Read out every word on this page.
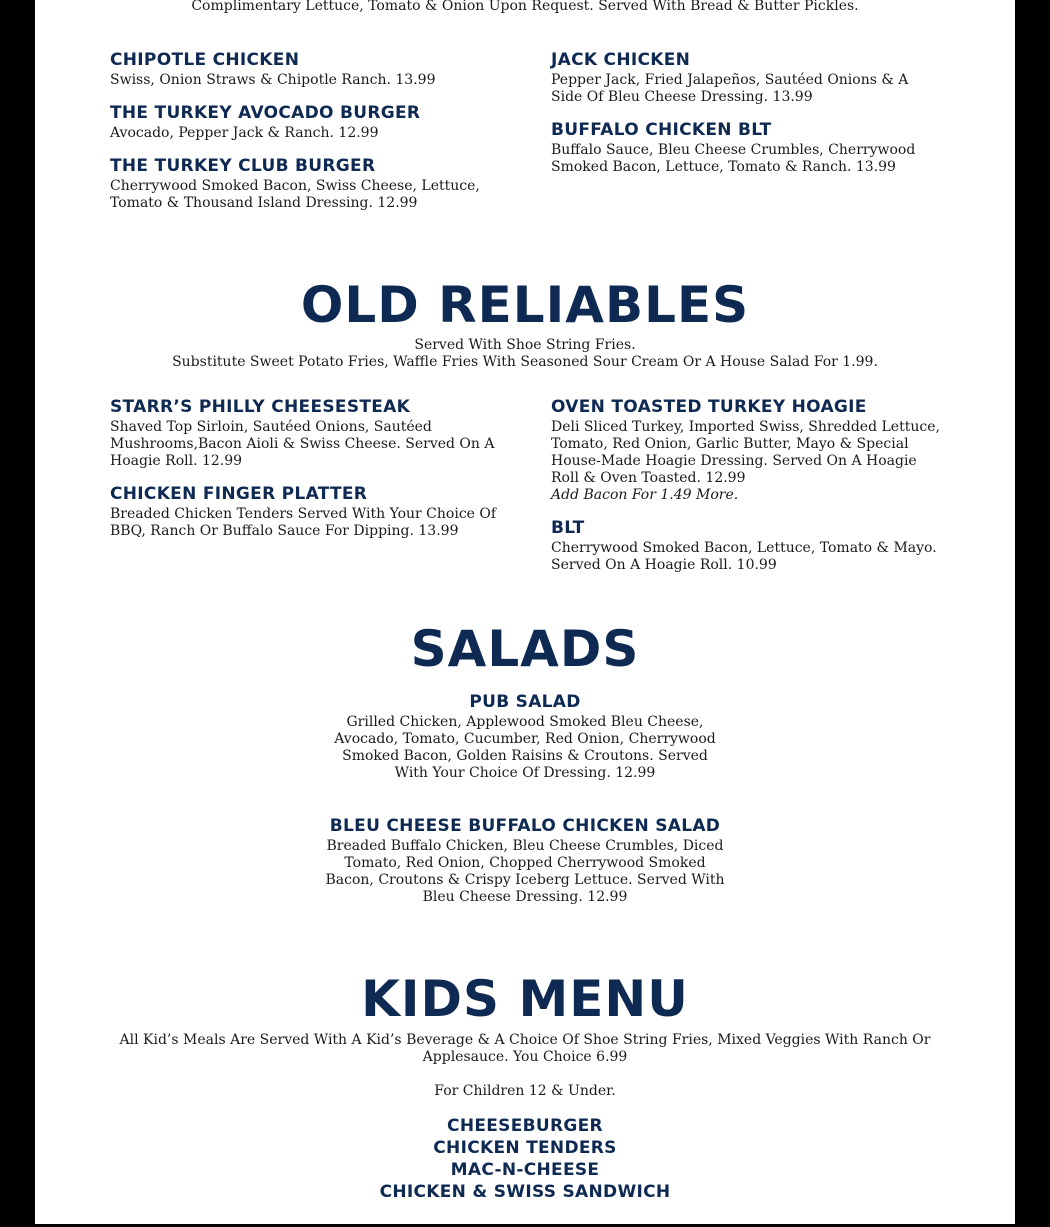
Complimentary Lettuce, Tomato & Onion Upon Request. Served With Bread & Butter Pickles.
CHIPOTLE CHICKEN
Swiss, Onion Straws & Chipotle Ranch. 13.99
THE TURKEY AVOCADO BURGER
Avocado, Pepper Jack & Ranch. 12.99
THE TURKEY CLUB BURGER
Cherrywood Smoked Bacon, Swiss Cheese, Lettuce, Tomato & Thousand Island Dressing. 12.99
JACK CHICKEN
Pepper Jack, Fried Jalapeños, Sautéed Onions & A Side Of Bleu Cheese Dressing. 13.99
BUFFALO CHICKEN BLT
Buffalo Sauce, Bleu Cheese Crumbles, Cherrywood Smoked Bacon, Lettuce, Tomato & Ranch. 13.99
OLD RELIABLES
Served With Shoe String Fries.
Substitute Sweet Potato Fries, Waffle Fries With Seasoned Sour Cream Or A House Salad For 1.99.
STARR’S PHILLY CHEESESTEAK
Shaved Top Sirloin, Sautéed Onions, Sautéed Mushrooms,Bacon Aioli & Swiss Cheese. Served On A Hoagie Roll. 12.99
CHICKEN FINGER PLATTER
Breaded Chicken Tenders Served With Your Choice Of BBQ, Ranch Or Buffalo Sauce For Dipping. 13.99
OVEN TOASTED TURKEY HOAGIE
Deli Sliced Turkey, Imported Swiss, Shredded Lettuce, Tomato, Red Onion, Garlic Butter, Mayo & Special House-Made Hoagie Dressing. Served On A Hoagie Roll & Oven Toasted. 12.99
Add Bacon For 1.49 More.
BLT
Cherrywood Smoked Bacon, Lettuce, Tomato & Mayo. Served On A Hoagie Roll. 10.99
SALADS
PUB SALAD
Grilled Chicken, Applewood Smoked Bleu Cheese, Avocado, Tomato, Cucumber, Red Onion, Cherrywood Smoked Bacon, Golden Raisins & Croutons. Served With Your Choice Of Dressing. 12.99
BLEU CHEESE BUFFALO CHICKEN SALAD
Breaded Buffalo Chicken, Bleu Cheese Crumbles, Diced Tomato, Red Onion, Chopped Cherrywood Smoked Bacon, Croutons & Crispy Iceberg Lettuce. Served With Bleu Cheese Dressing. 12.99
KIDS MENU
All Kid’s Meals Are Served With A Kid’s Beverage & A Choice Of Shoe String Fries, Mixed Veggies With Ranch Or Applesauce. You Choice 6.99
For Children 12 & Under.
CHEESEBURGER
CHICKEN TENDERS
MAC-N-CHEESE
CHICKEN & SWISS SANDWICH
